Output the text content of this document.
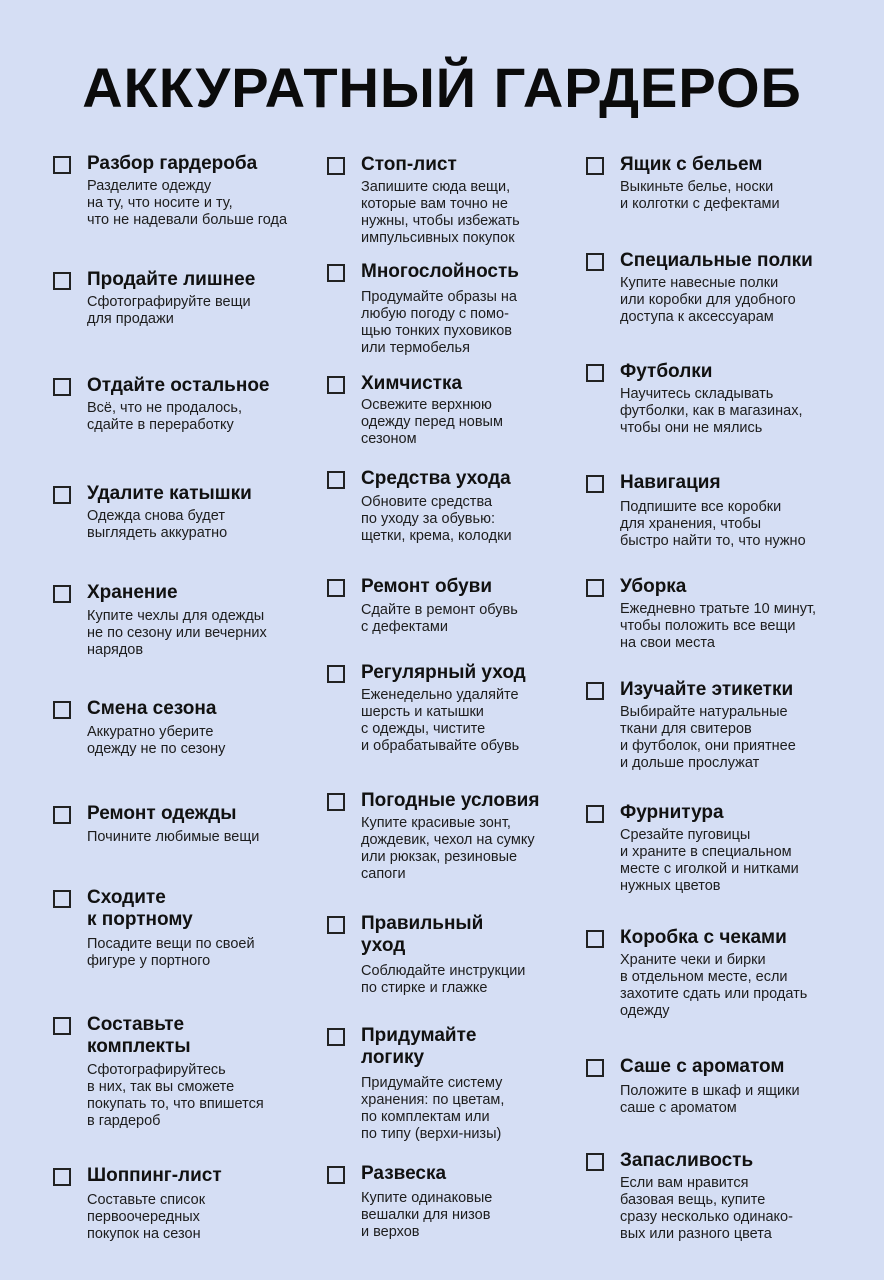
АККУРАТНЫЙ ГАРДЕРОБ
Разбор гардероба
Разделите одежду
на ту, что носите и ту,
что не надевали больше года
Продайте лишнее
Сфотографируйте вещи
для продажи
Отдайте остальное
Всё, что не продалось,
сдайте в переработку
Удалите катышки
Одежда снова будет
выглядеть аккуратно
Хранение
Купите чехлы для одежды
не по сезону или вечерних
нарядов
Смена сезона
Аккуратно уберите
одежду не по сезону
Ремонт одежды
Почините любимые вещи
Сходите
к портному
Посадите вещи по своей
фигуре у портного
Составьте
комплекты
Сфотографируйтесь
в них, так вы сможете
покупать то, что впишется
в гардероб
Шоппинг-лист
Составьте список
первоочередных
покупок на сезон
Стоп-лист
Запишите сюда вещи,
которые вам точно не
нужны, чтобы избежать
импульсивных покупок
Многослойность
Продумайте образы на
любую погоду с помо-
щью тонких пуховиков
или термобелья
Химчистка
Освежите верхнюю
одежду перед новым
сезоном
Средства ухода
Обновите средства
по уходу за обувью:
щетки, крема, колодки
Ремонт обуви
Сдайте в ремонт обувь
с дефектами
Регулярный уход
Еженедельно удаляйте
шерсть и катышки
с одежды, чистите
и обрабатывайте обувь
Погодные условия
Купите красивые зонт,
дождевик, чехол на сумку
или рюкзак, резиновые
сапоги
Правильный
уход
Соблюдайте инструкции
по стирке и глажке
Придумайте
логику
Придумайте систему
хранения: по цветам,
по комплектам или
по типу (верхи-низы)
Развеска
Купите одинаковые
вешалки для низов
и верхов
Ящик с бельем
Выкиньте белье, носки
и колготки с дефектами
Специальные полки
Купите навесные полки
или коробки для удобного
доступа к аксессуарам
Футболки
Научитесь складывать
футболки, как в магазинах,
чтобы они не мялись
Навигация
Подпишите все коробки
для хранения, чтобы
быстро найти то, что нужно
Уборка
Ежедневно тратьте 10 минут,
чтобы положить все вещи
на свои места
Изучайте этикетки
Выбирайте натуральные
ткани для свитеров
и футболок, они приятнее
и дольше прослужат
Фурнитура
Срезайте пуговицы
и храните в специальном
месте с иголкой и нитками
нужных цветов
Коробка с чеками
Храните чеки и бирки
в отдельном месте, если
захотите сдать или продать
одежду
Саше с ароматом
Положите в шкаф и ящики
саше с ароматом
Запасливость
Если вам нравится
базовая вещь, купите
сразу несколько одинако-
вых или разного цвета
